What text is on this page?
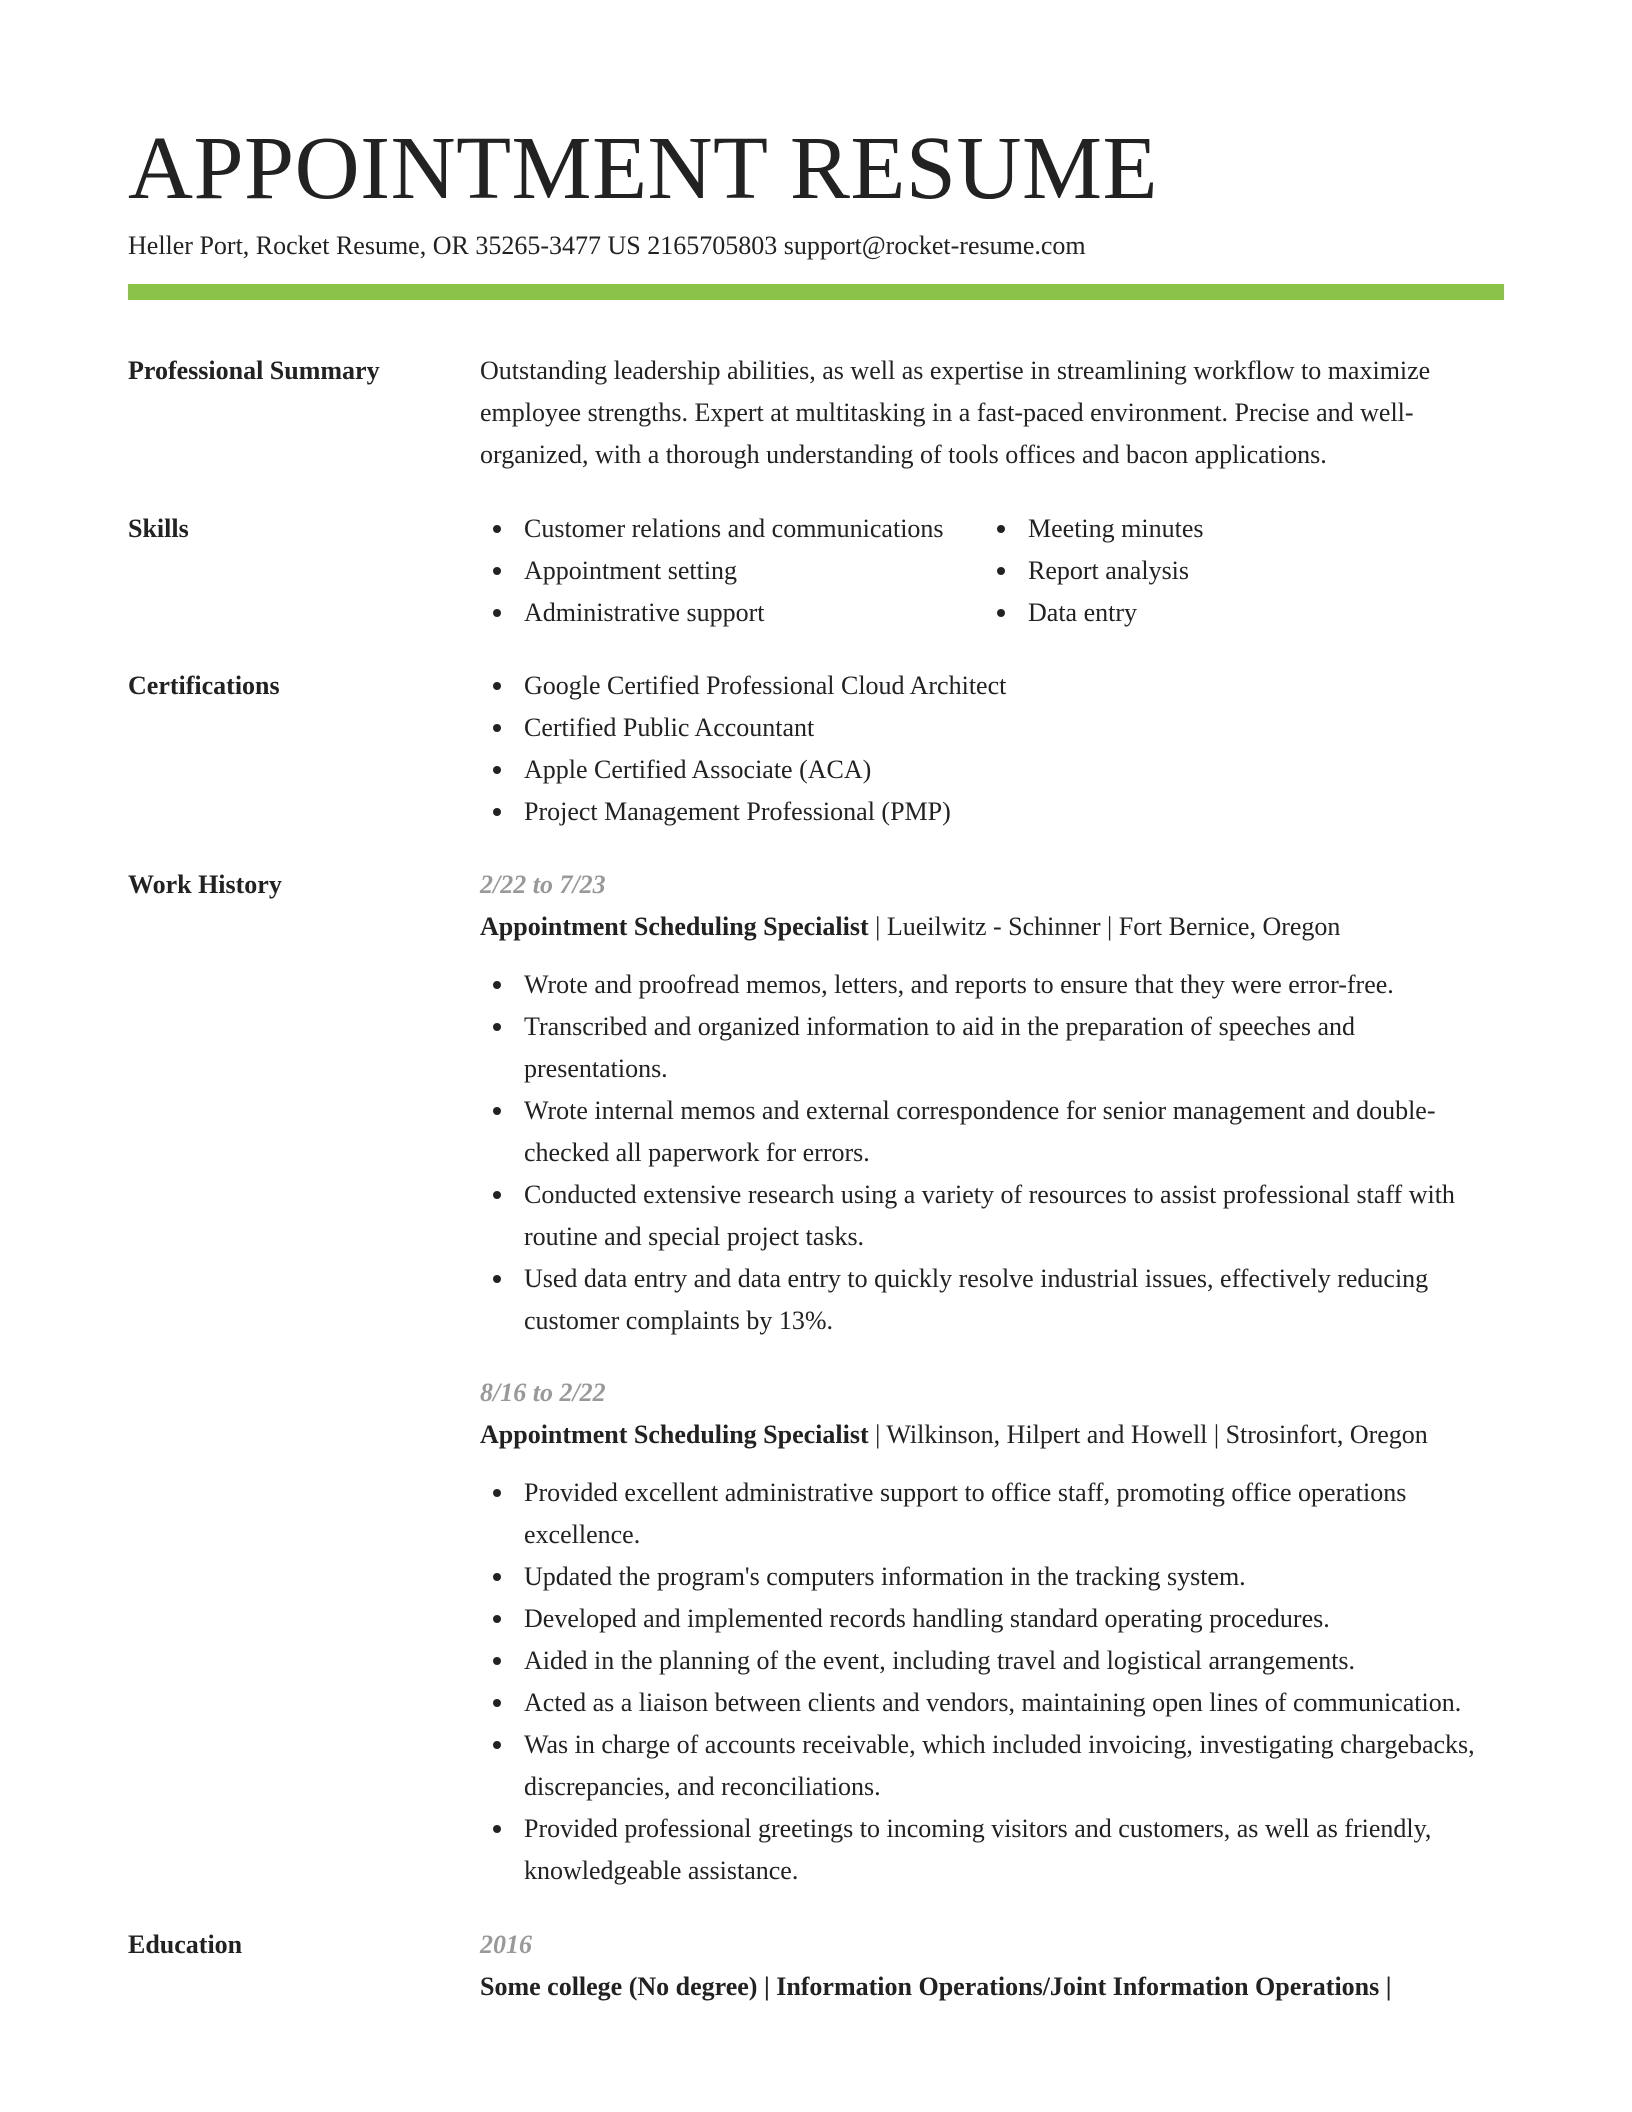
APPOINTMENT RESUME
Heller Port, Rocket Resume, OR 35265-3477 US 2165705803 support@rocket-resume.com
Professional Summary	Outstanding leadership abilities, as well as expertise in streamlining workflow to maximize employee strengths. Expert at multitasking in a fast-paced environment. Precise and well-organized, with a thorough understanding of tools offices and bacon applications.
Skills	Customer relations and communications
Appointment setting
Administrative support
Meeting minutes
Report analysis
Data entry
Certifications	Google Certified Professional Cloud Architect
Certified Public Accountant
Apple Certified Associate (ACA)
Project Management Professional (PMP)
Work History	2/22 to 7/23
Appointment Scheduling Specialist | Lueilwitz - Schinner | Fort Bernice, Oregon
Wrote and proofread memos, letters, and reports to ensure that they were error-free.
Transcribed and organized information to aid in the preparation of speeches and presentations.
Wrote internal memos and external correspondence for senior management and double-checked all paperwork for errors.
Conducted extensive research using a variety of resources to assist professional staff with routine and special project tasks.
Used data entry and data entry to quickly resolve industrial issues, effectively reducing customer complaints by 13%.
8/16 to 2/22
Appointment Scheduling Specialist | Wilkinson, Hilpert and Howell | Strosinfort, Oregon
Provided excellent administrative support to office staff, promoting office operations excellence.
Updated the program's computers information in the tracking system.
Developed and implemented records handling standard operating procedures.
Aided in the planning of the event, including travel and logistical arrangements.
Acted as a liaison between clients and vendors, maintaining open lines of communication.
Was in charge of accounts receivable, which included invoicing, investigating chargebacks, discrepancies, and reconciliations.
Provided professional greetings to incoming visitors and customers, as well as friendly, knowledgeable assistance.
Education	2016
Some college (No degree) | Information Operations/Joint Information Operations |
